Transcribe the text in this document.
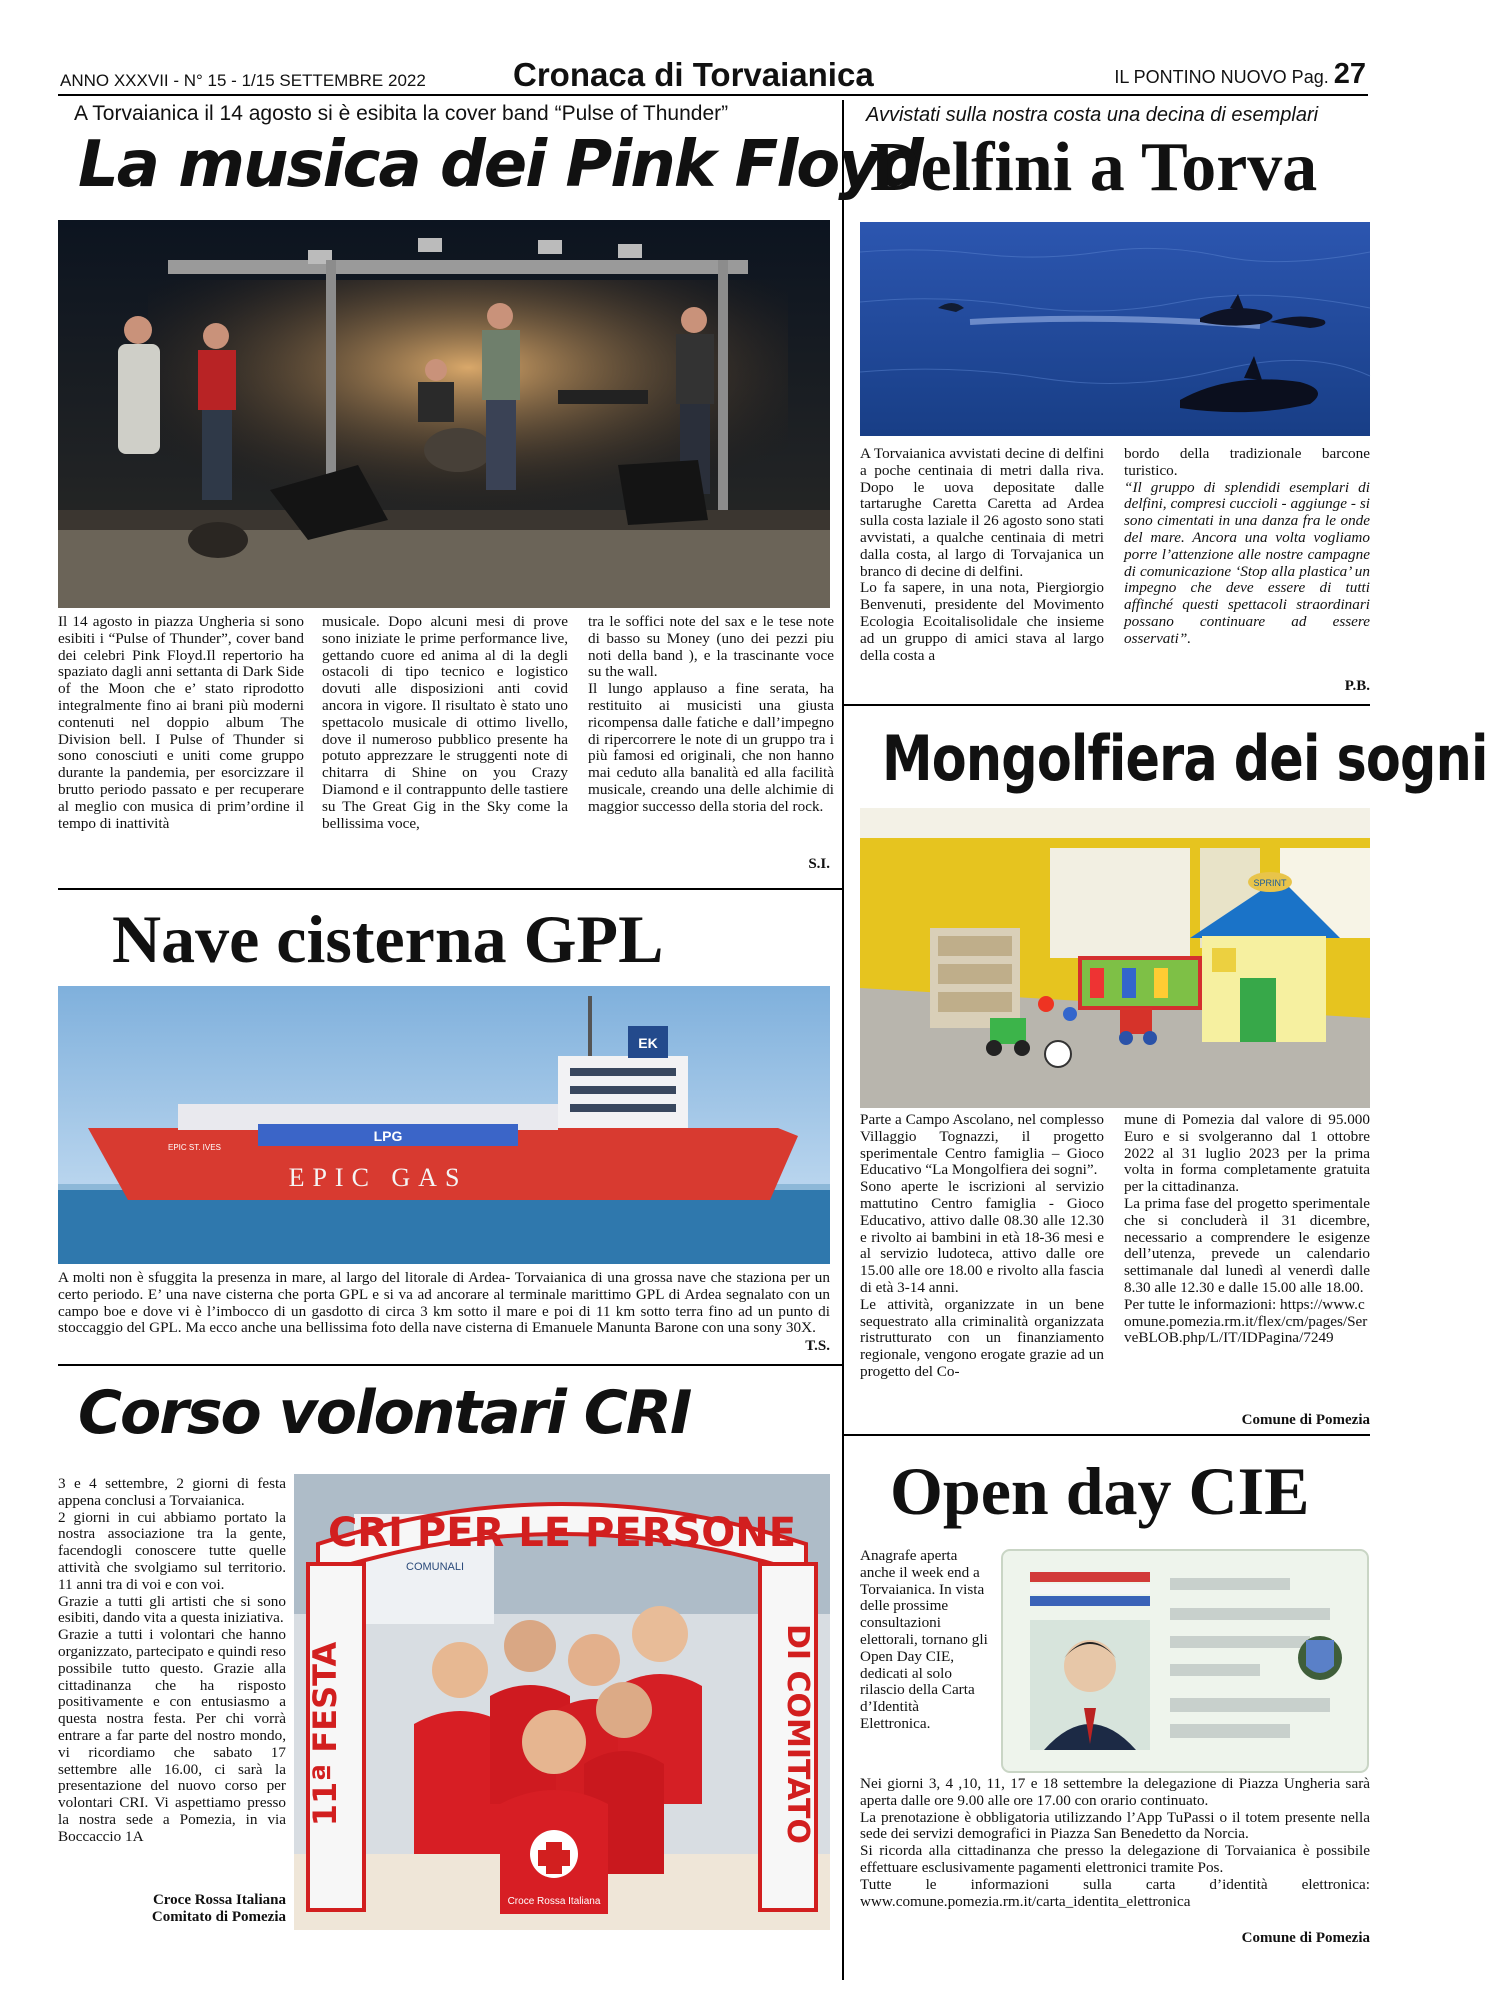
ANNO XXXVII - N° 15 - 1/15 SETTEMBRE 2022	Cronaca di Torvaianica	IL PONTINO NUOVO Pag. 27
A Torvaianica il 14 agosto si è esibita la cover band “Pulse of Thunder”
La musica dei Pink Floyd
Il 14 agosto in piazza Ungheria si sono esibiti i “Pulse of Thunder”, cover band dei celebri Pink Floyd.Il repertorio ha spaziato dagli anni settanta di Dark Side of the Moon che e’ stato riprodotto integralmente fino ai brani più moderni contenuti nel doppio album The Division bell. I Pulse of Thunder si sono conosciuti e uniti come gruppo durante la pandemia, per esorcizzare il brutto periodo passato e per recuperare al meglio con musica di prim’ordine il tempo di inattività
musicale. Dopo alcuni mesi di prove sono iniziate le prime performance live, gettando cuore ed anima al di la degli ostacoli di tipo tecnico e logistico dovuti alle disposizioni anti covid ancora in vigore. Il risultato è stato uno spettacolo musicale di ottimo livello, dove il numeroso pubblico presente ha potuto apprezzare le struggenti note di chitarra di Shine on you Crazy Diamond e il contrappunto delle tastiere su The Great Gig in the Sky come la bellissima voce,

tra le soffici note del sax e le tese note di basso su Money (uno dei pezzi piu noti della band ), e la trascinante voce su the wall.

Il lungo applauso a fine serata, ha restituito ai musicisti una giusta ricompensa dalle fatiche e dall’impegno di ripercorrere le note di un gruppo tra i più famosi ed originali, che non hanno mai ceduto alla banalità ed alla facilità musicale, creando una delle alchimie di maggior successo della storia del rock.

S.I.
Avvistati sulla nostra costa una decina di esemplari
Delfini a Torva

A Torvaianica avvistati decine di delfini a poche centinaia di metri dalla riva. Dopo le uova depositate dalle tartarughe Caretta Caretta ad Ardea sulla costa laziale il 26 agosto sono stati avvistati, a qualche centinaia di metri dalla costa, al largo di Torvajanica un branco di decine di delfini.

Lo fa sapere, in una nota, Piergiorgio Benvenuti, presidente del Movimento Ecologia Ecoitalisolidale che insieme ad un gruppo di amici stava al largo della costa a

bordo della tradizionale barcone turistico.

“Il gruppo di splendidi esemplari di delfini, compresi cuccioli - aggiunge - si sono cimentati in una danza fra le onde del mare. Ancora una volta vogliamo porre l’attenzione alle nostre campagne di comunicazione ‘Stop alla plastica’ un impegno che deve essere di tutti affinché questi spettacoli straordinari possano continuare ad essere osservati”.

P.B.
Mongolfiera dei sogni
SPRINT

Parte a Campo Ascolano, nel complesso Villaggio Tognazzi, il progetto sperimentale Centro famiglia – Gioco Educativo “La Mongolfiera dei sogni”.

Sono aperte le iscrizioni al servizio mattutino Centro famiglia - Gioco Educativo, attivo dalle 08.30 alle 12.30 e rivolto ai bambini in età 18-36 mesi e al servizio ludoteca, attivo dalle ore 15.00 alle ore 18.00 e rivolto alla fascia di età 3-14 anni.

Le attività, organizzate in un bene sequestrato alla criminalità organizzata ristrutturato con un finanziamento regionale, vengono erogate grazie ad un progetto del Co-

mune di Pomezia dal valore di 95.000 Euro e si svolgeranno dal 1 ottobre 2022 al 31 luglio 2023 per la prima volta in forma completamente gratuita per la cittadinanza.

La prima fase del progetto sperimentale che si concluderà il 31 dicembre, necessario a comprendere le esigenze dell’utenza, prevede un calendario settimanale dal lunedì al venerdì dalle 8.30 alle 12.30 e dalle 15.00 alle 18.00.

Per tutte le informazioni: https://www.comune.pomezia.rm.it/flex/cm/pages/ServeBLOB.php/L/IT/IDPagina/7249

Comune di Pomezia
Nave cisterna GPL
LPG
EK
EPIC ST. IVES
EPIC GAS
A molti non è sfuggita la presenza in mare, al largo del litorale di Ardea- Torvaianica di una grossa nave che staziona per un certo periodo. E’ una nave cisterna che porta GPL e si va ad ancorare al terminale marittimo GPL di Ardea segnalato con un campo boe e dove vi è l’imbocco di un gasdotto di circa 3 km sotto il mare e poi di 11 km sotto terra fino ad un punto di stoccaggio del GPL. Ma ecco anche una bellissima foto della nave cisterna di Emanuele Manunta Barone con una sony 30X.
T.S.
Corso volontari CRI

3 e 4 settembre, 2 giorni di festa appena conclusi a Torvaianica.

2 giorni in cui abbiamo portato la nostra associazione tra la gente, facendogli conoscere tutte quelle attività che svolgiamo sul territorio. 11 anni tra di voi e con voi.

Grazie a tutti gli artisti che si sono esibiti, dando vita a questa iniziativa.

Grazie a tutti i volontari che hanno organizzato, partecipato e quindi reso possibile tutto questo. Grazie alla cittadinanza che ha risposto positivamente e con entusiasmo a questa nostra festa. Per chi vorrà entrare a far parte del nostro mondo, vi ricordiamo che sabato 17 settembre alle 16.00, ci sarà la presentazione del nuovo corso per volontari CRI. Vi aspettiamo presso la nostra sede a Pomezia, in via Boccaccio 1A

Croce Rossa Italiana
Comitato di Pomezia
COMUNALI
CRI PER LE PERSONE
11ª FESTA	DI COMITATO
Croce Rossa Italiana
Open day CIE
Anagrafe aperta anche il week end a Torvaianica. In vista delle prossime consultazioni elettorali, tornano gli Open Day CIE, dedicati al solo rilascio della Carta d’Identità Elettronica.

Nei giorni 3, 4 ,10, 11, 17 e 18 settembre la delegazione di Piazza Ungheria sarà aperta dalle ore 9.00 alle ore 17.00 con orario continuato.

La prenotazione è obbligatoria utilizzando l’App TuPassi o il totem presente nella sede dei servizi demografici in Piazza San Benedetto da Norcia.

Si ricorda alla cittadinanza che presso la delegazione di Torvaianica è possibile effettuare esclusivamente pagamenti elettronici tramite Pos.

Tutte le informazioni sulla carta d’identità elettronica: www.comune.pomezia.rm.it/carta_identita_elettronica

Comune di Pomezia
